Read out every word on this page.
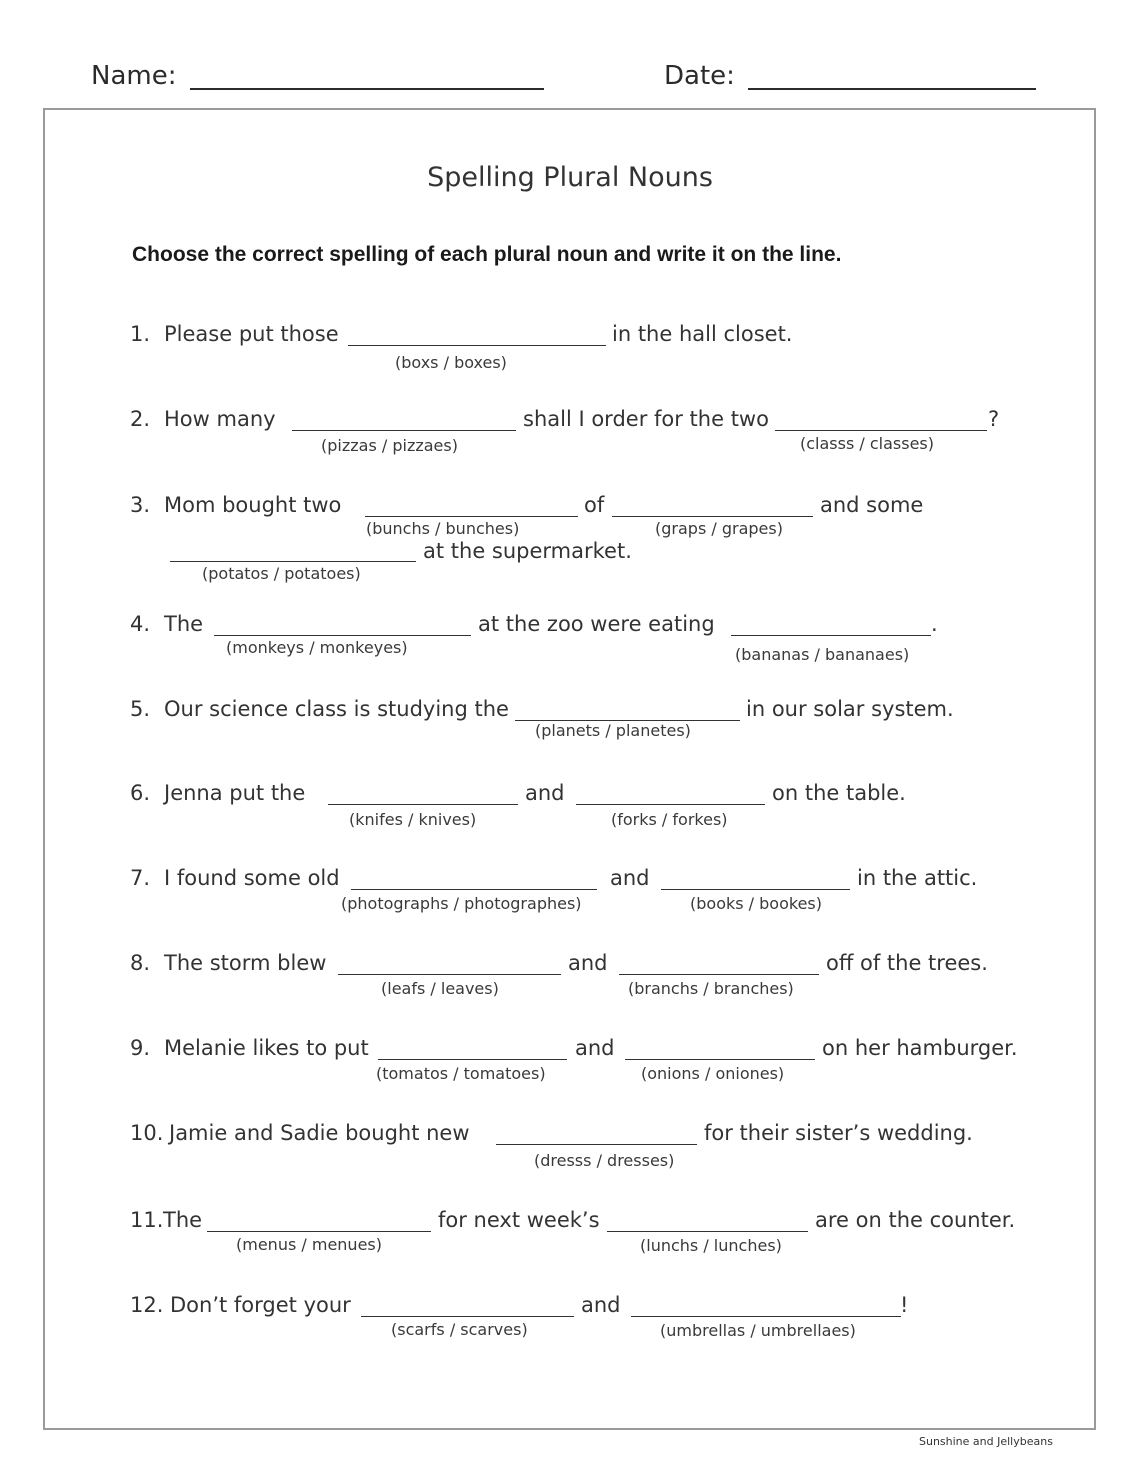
Name:	Date:
Spelling Plural Nouns
Choose the correct spelling of each plural noun and write it on the line.
1. Please put those	in the hall closet.
(boxs / boxes)
2. How many	shall I order for the two	?
(pizzas / pizzaes)	(classs / classes)
3. Mom bought two	of	and some
(bunchs / bunches)	(graps / grapes)
at the supermarket.
(potatos / potatoes)
4. The	at the zoo were eating	.
(monkeys / monkeyes)	(bananas / bananaes)
5. Our science class is studying the	in our solar system.
(planets / planetes)
6. Jenna put the	and	on the table.
(knifes / knives)	(forks / forkes)
7. I found some old	and	in the attic.
(photographs / photographes)	(books / bookes)
8. The storm blew	and	off of the trees.
(leafs / leaves)	(branchs / branches)
9. Melanie likes to put	and	on her hamburger.
(tomatos / tomatoes)	(onions / oniones)
10. Jamie and Sadie bought new	for their sister’s wedding.
(dresss / dresses)
11. The	for next week’s	are on the counter.
(menus / menues)	(lunchs / lunches)
12. Don’t forget your	and	!
(scarfs / scarves)	(umbrellas / umbrellaes)
Sunshine and Jellybeans
